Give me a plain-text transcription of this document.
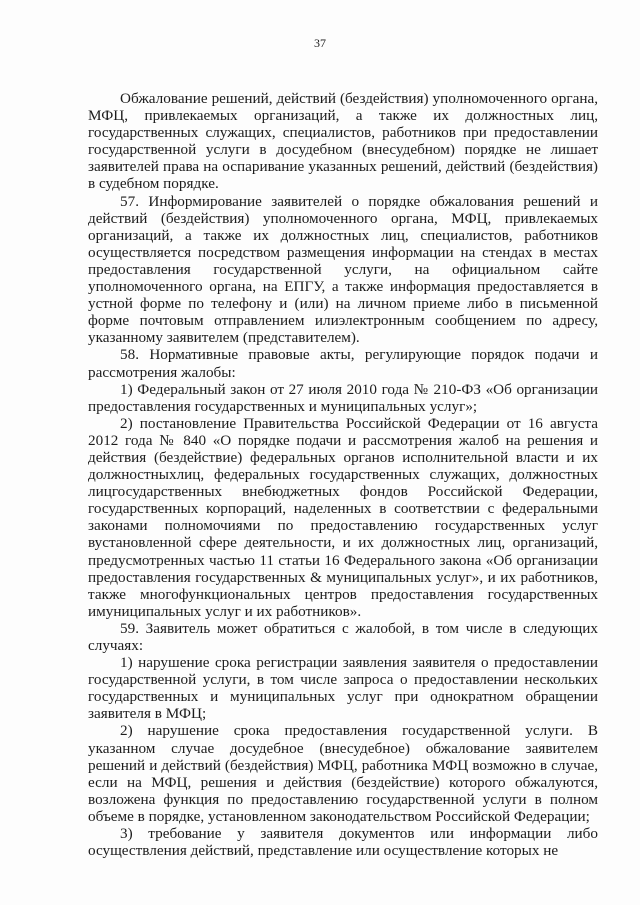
37

Обжалование решений, действий (бездействия) уполномоченного органа, МФЦ, привлекаемых организаций, а также их должностных лиц, государственных служащих, специалистов, работников при предоставлении государственной услуги в досудебном (внесудебном) порядке не лишает заявителей права на оспаривание указанных решений, действий (бездействия) в судебном порядке.

57. Информирование заявителей о порядке обжалования решений и действий (бездействия) уполномоченного органа, МФЦ, привлекаемых организаций, а также их должностных лиц, специалистов, работников осуществляется посредством размещения информации на стендах в местах предоставления государственной услуги, на официальном сайте уполномоченного органа, на ЕПГУ, а также информация предоставляется в устной форме по телефону и (или) на личном приеме либо в письменной форме почтовым отправлением илиэлектронным сообщением по адресу, указанному заявителем (представителем).

58. Нормативные правовые акты, регулирующие порядок подачи и рассмотрения жалобы:

1) Федеральный закон от 27 июля 2010 года № 210-ФЗ «Об организации предоставления государственных и муниципальных услуг»;

2) постановление Правительства Российской Федерации от 16 августа 2012 года № 840 «О порядке подачи и рассмотрения жалоб на решения и действия (бездействие) федеральных органов исполнительной власти и их должностныхлиц, федеральных государственных служащих, должностных лицгосударственных внебюджетных фондов Российской Федерации, государственных корпораций, наделенных в соответствии с федеральными законами полномочиями по предоставлению государственных услуг вустановленной сфере деятельности, и их должностных лиц, организаций, предусмотренных частью 11 статьи 16 Федерального закона «Об организации предоставления государственных & муниципальных услуг», и их работников, также многофункциональных центров предоставления государственных имуниципальных услуг и их работников».

59. Заявитель может обратиться с жалобой, в том числе в следующих случаях:

1) нарушение срока регистрации заявления заявителя о предоставлении государственной услуги, в том числе запроса о предоставлении нескольких государственных и муниципальных услуг при однократном обращении заявителя в МФЦ;

2) нарушение срока предоставления государственной услуги. В указанном случае досудебное (внесудебное) обжалование заявителем решений и действий (бездействия) МФЦ, работника МФЦ возможно в случае, если на МФЦ, решения и действия (бездействие) которого обжалуются, возложена функция по предоставлению государственной услуги в полном объеме в порядке, установленном законодательством Российской Федерации;

3) требование у заявителя документов или информации либо осуществления действий, представление или осуществление которых не
